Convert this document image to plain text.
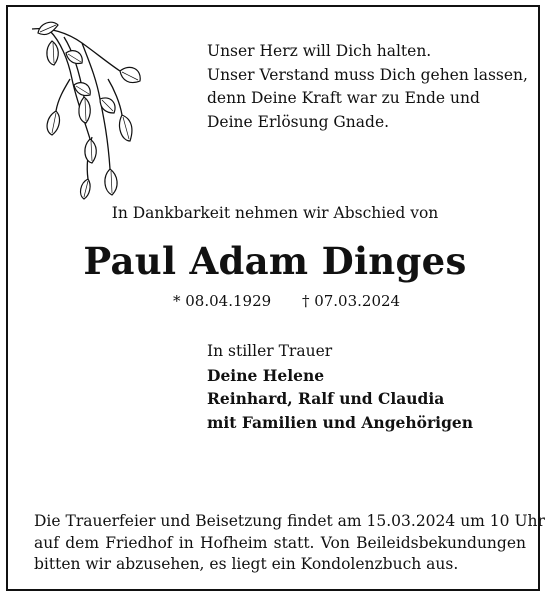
Unser Herz will Dich halten.
Unser Verstand muss Dich gehen lassen,
denn Deine Kraft war zu Ende und
Deine Erlösung Gnade.
In Dankbarkeit nehmen wir Abschied von
Paul Adam Dinges
* 08.04.1929 † 07.03.2024
In stiller Trauer
Deine Helene
Reinhard, Ralf und Claudia
mit Familien und Angehörigen
Die Trauerfeier und Beisetzung findet am 15.03.2024 um 10 Uhr
auf dem Friedhof in Hofheim statt. Von Beileidsbekundungen
bitten wir abzusehen, es liegt ein Kondolenzbuch aus.
